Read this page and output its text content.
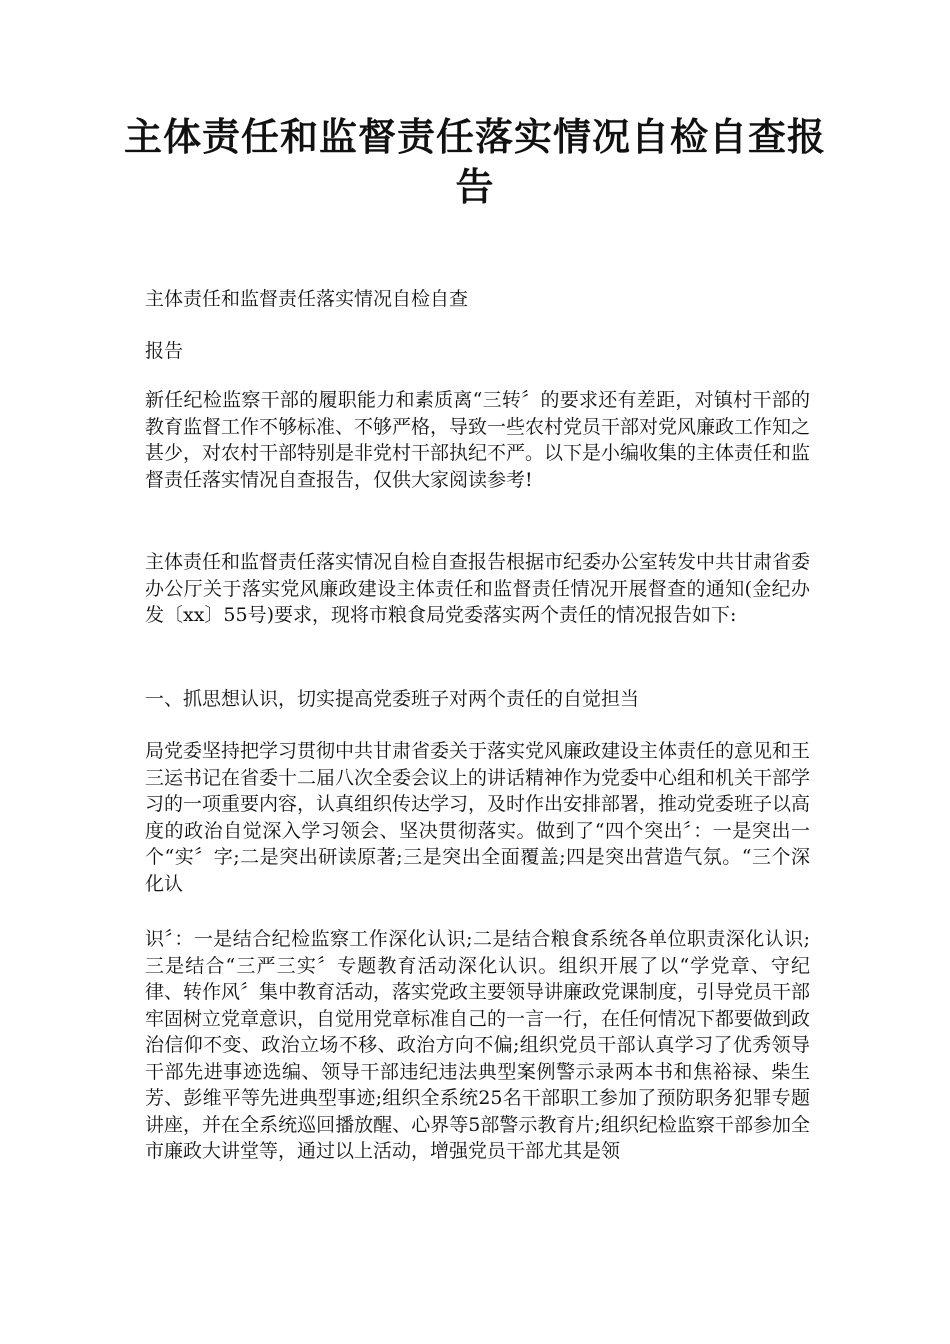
主体责任和监督责任落实情况自检自查报告

主体责任和监督责任落实情况自检自查

报告

新任纪检监察干部的履职能力和素质离“三转〞的要求还有差距，对镇村干部的教育监督工作不够标准、不够严格，导致一些农村党员干部对党风廉政工作知之甚少，对农村干部特别是非党村干部执纪不严。以下是小编收集的主体责任和监督责任落实情况自查报告，仅供大家阅读参考!

主体责任和监督责任落实情况自检自查报告根据市纪委办公室转发中共甘肃省委办公厅关于落实党风廉政建设主体责任和监督责任情况开展督查的通知(金纪办发〔xx〕55号)要求，现将市粮食局党委落实两个责任的情况报告如下:

一、抓思想认识，切实提高党委班子对两个责任的自觉担当

局党委坚持把学习贯彻中共甘肃省委关于落实党风廉政建设主体责任的意见和王三运书记在省委十二届八次全委会议上的讲话精神作为党委中心组和机关干部学习的一项重要内容，认真组织传达学习，及时作出安排部署，推动党委班子以高度的政治自觉深入学习领会、坚决贯彻落实。做到了“四个突出〞：一是突出一个“实〞字;二是突出研读原著;三是突出全面覆盖;四是突出营造气氛。“三个深化认

识〞：一是结合纪检监察工作深化认识;二是结合粮食系统各单位职责深化认识;三是结合“三严三实〞专题教育活动深化认识。组织开展了以“学党章、守纪律、转作风〞集中教育活动，落实党政主要领导讲廉政党课制度，引导党员干部牢固树立党章意识，自觉用党章标准自己的一言一行，在任何情况下都要做到政治信仰不变、政治立场不移、政治方向不偏;组织党员干部认真学习了优秀领导干部先进事迹选编、领导干部违纪违法典型案例警示录两本书和焦裕禄、柴生芳、彭维平等先进典型事迹;组织全系统25名干部职工参加了预防职务犯罪专题讲座，并在全系统巡回播放醒、心界等5部警示教育片;组织纪检监察干部参加全市廉政大讲堂等，通过以上活动，增强党员干部尤其是领
